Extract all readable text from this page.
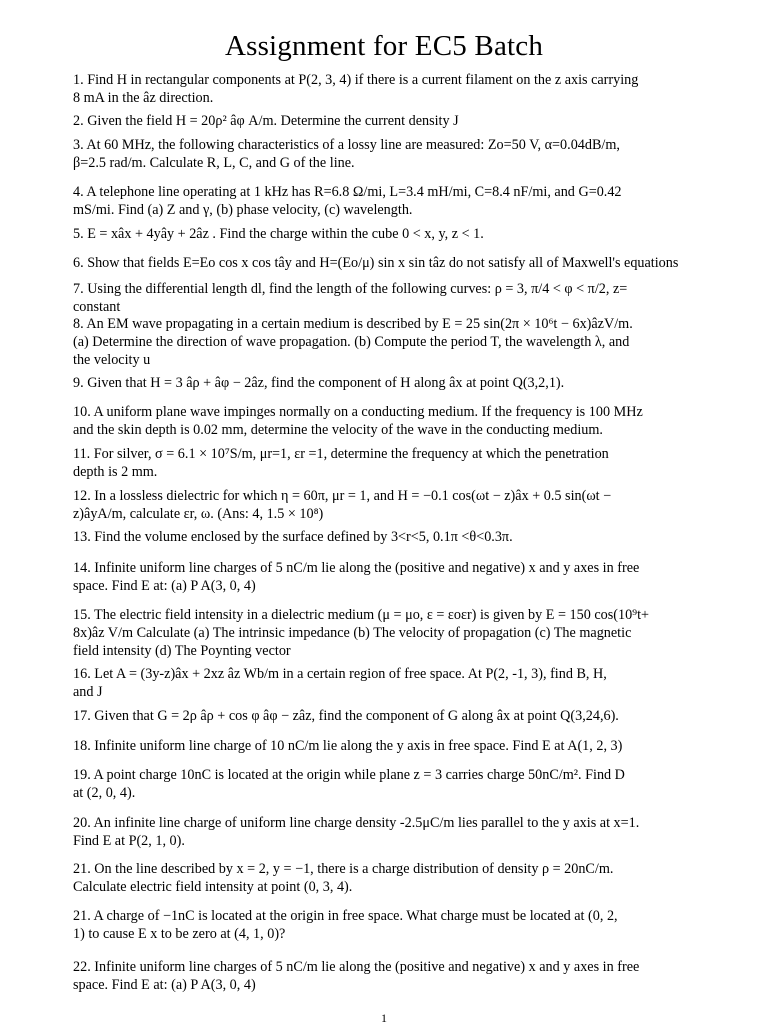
Assignment for EC5 Batch
1. Find H in rectangular components at P(2, 3, 4) if there is a current filament on the z axis carrying
8 mA in the âz direction.
2. Given the field H = 20ρ² âφ A/m. Determine the current density J
3. At 60 MHz, the following characteristics of a lossy line are measured: Zo=50 V, α=0.04dB/m,
β=2.5 rad/m. Calculate R, L, C, and G of the line.
4. A telephone line operating at 1 kHz has R=6.8 Ω/mi, L=3.4 mH/mi, C=8.4 nF/mi, and G=0.42
mS/mi. Find (a) Z and γ, (b) phase velocity, (c) wavelength.
5. E = xâx + 4yây + 2âz . Find the charge within the cube 0 < x, y, z < 1.
6. Show that fields E=Eo cos x cos tây and H=(Eo/μ) sin x sin tâz do not satisfy all of Maxwell's equations
7. Using the differential length dl, find the length of the following curves: ρ = 3, π/4 < φ < π/2, z=
constant
8. An EM wave propagating in a certain medium is described by E = 25 sin(2π × 10⁶t − 6x)âzV/m.
(a) Determine the direction of wave propagation. (b) Compute the period T, the wavelength λ, and
the velocity u
9. Given that H = 3 âρ + âφ − 2âz, find the component of H along âx at point Q(3,2,1).
10. A uniform plane wave impinges normally on a conducting medium. If the frequency is 100 MHz
and the skin depth is 0.02 mm, determine the velocity of the wave in the conducting medium.
11. For silver, σ = 6.1 × 10⁷S/m, μr=1, εr =1, determine the frequency at which the penetration
depth is 2 mm.
12. In a lossless dielectric for which η = 60π, μr = 1, and H = −0.1 cos(ωt − z)âx + 0.5 sin(ωt −
z)âyA/m, calculate εr, ω. (Ans: 4, 1.5 × 10⁸)
13. Find the volume enclosed by the surface defined by 3<r<5, 0.1π <θ<0.3π.
14. Infinite uniform line charges of 5 nC/m lie along the (positive and negative) x and y axes in free
space. Find E at: (a) P A(3, 0, 4)
15. The electric field intensity in a dielectric medium (μ = μo, ε = εoεr) is given by E = 150 cos(10⁹t+
8x)âz V/m Calculate (a) The intrinsic impedance (b) The velocity of propagation (c) The magnetic
field intensity (d) The Poynting vector
16. Let A = (3y-z)âx + 2xz âz Wb/m in a certain region of free space. At P(2, -1, 3), find B, H,
and J
17. Given that G = 2ρ âρ + cos φ âφ − zâz, find the component of G along âx at point Q(3,24,6).
18. Infinite uniform line charge of 10 nC/m lie along the y axis in free space. Find E at A(1, 2, 3)
19. A point charge 10nC is located at the origin while plane z = 3 carries charge 50nC/m². Find D
at (2, 0, 4).
20. An infinite line charge of uniform line charge density -2.5μC/m lies parallel to the y axis at x=1.
Find E at P(2, 1, 0).
21. On the line described by x = 2, y = −1, there is a charge distribution of density ρ = 20nC/m.
Calculate electric field intensity at point (0, 3, 4).
21. A charge of −1nC is located at the origin in free space. What charge must be located at (0, 2,
1) to cause E x to be zero at (4, 1, 0)?
22. Infinite uniform line charges of 5 nC/m lie along the (positive and negative) x and y axes in free
space. Find E at: (a) P A(3, 0, 4)
1
